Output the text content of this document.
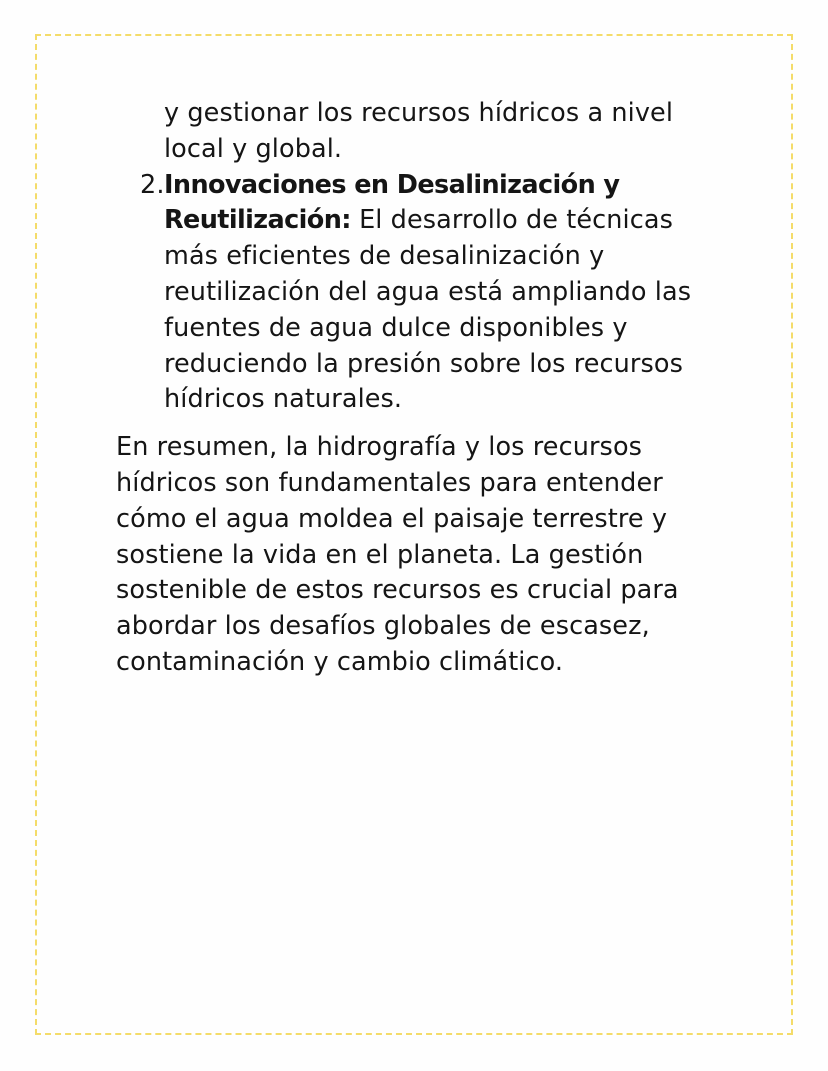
y gestionar los recursos hídricos a nivel local y global.
2. Innovaciones en Desalinización y Reutilización: El desarrollo de técnicas más eficientes de desalinización y reutilización del agua está ampliando las fuentes de agua dulce disponibles y reduciendo la presión sobre los recursos hídricos naturales.
En resumen, la hidrografía y los recursos hídricos son fundamentales para entender cómo el agua moldea el paisaje terrestre y sostiene la vida en el planeta. La gestión sostenible de estos recursos es crucial para abordar los desafíos globales de escasez, contaminación y cambio climático.
